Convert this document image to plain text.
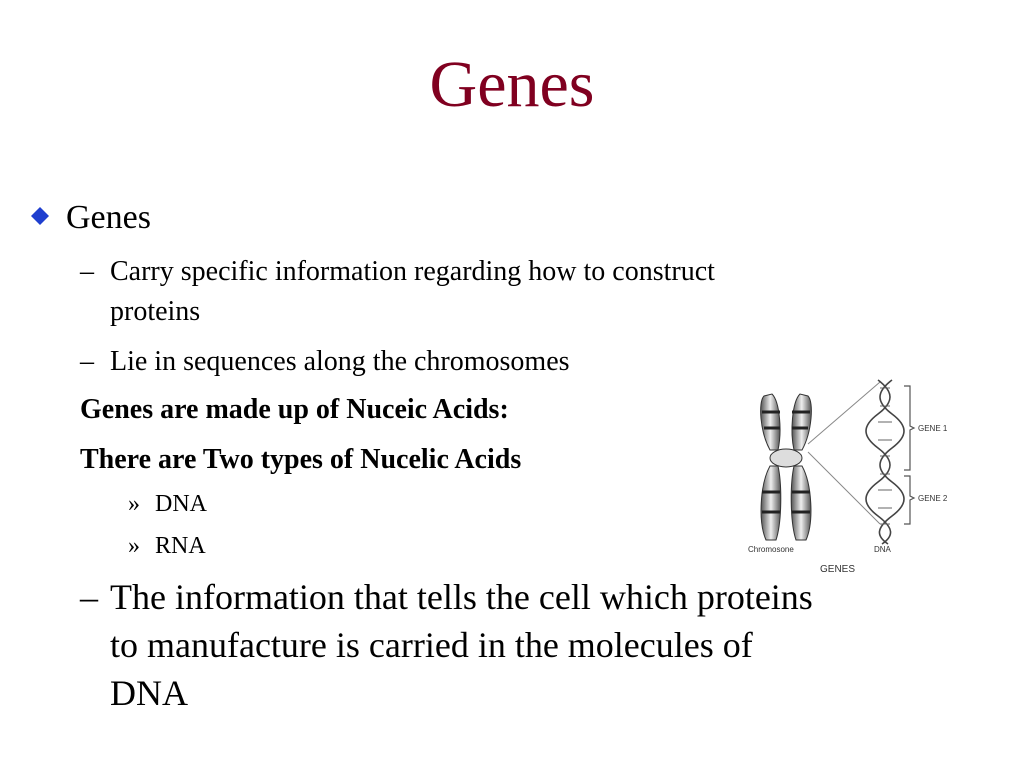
Genes
Genes
– Carry specific information regarding how to construct
proteins
– Lie in sequences along the chromosomes
Genes are made up of Nuceic Acids:
There are Two types of Nucelic Acids
» DNA
» RNA
– The information that tells the cell which proteins
to manufacture is carried in the molecules of
DNA
GENE 1
GENE 2
Chromosone	DNA
GENES
